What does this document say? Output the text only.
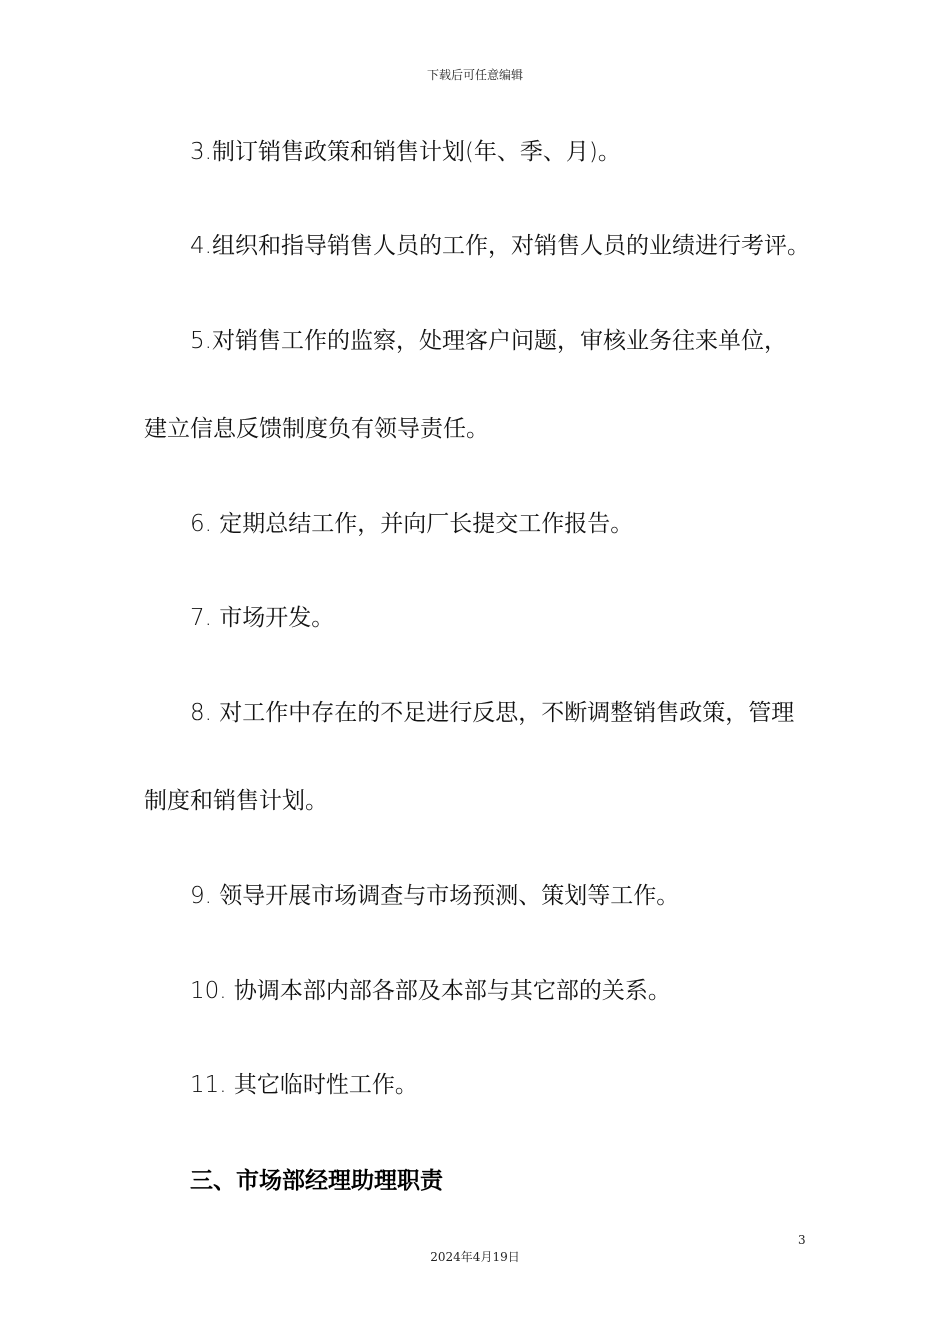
下载后可任意编辑
3.制订销售政策和销售计划(年、季、月)。
4.组织和指导销售人员的工作，对销售人员的业绩进行考评。
5.对销售工作的监察，处理客户问题，审核业务往来单位，
建立信息反馈制度负有领导责任。
6. 定期总结工作，并向厂长提交工作报告。
7. 市场开发。
8. 对工作中存在的不足进行反思，不断调整销售政策，管理
制度和销售计划。
9. 领导开展市场调查与市场预测、策划等工作。
10. 协调本部内部各部及本部与其它部的关系。
11. 其它临时性工作。
三、市场部经理助理职责
3
2024年4月19日
